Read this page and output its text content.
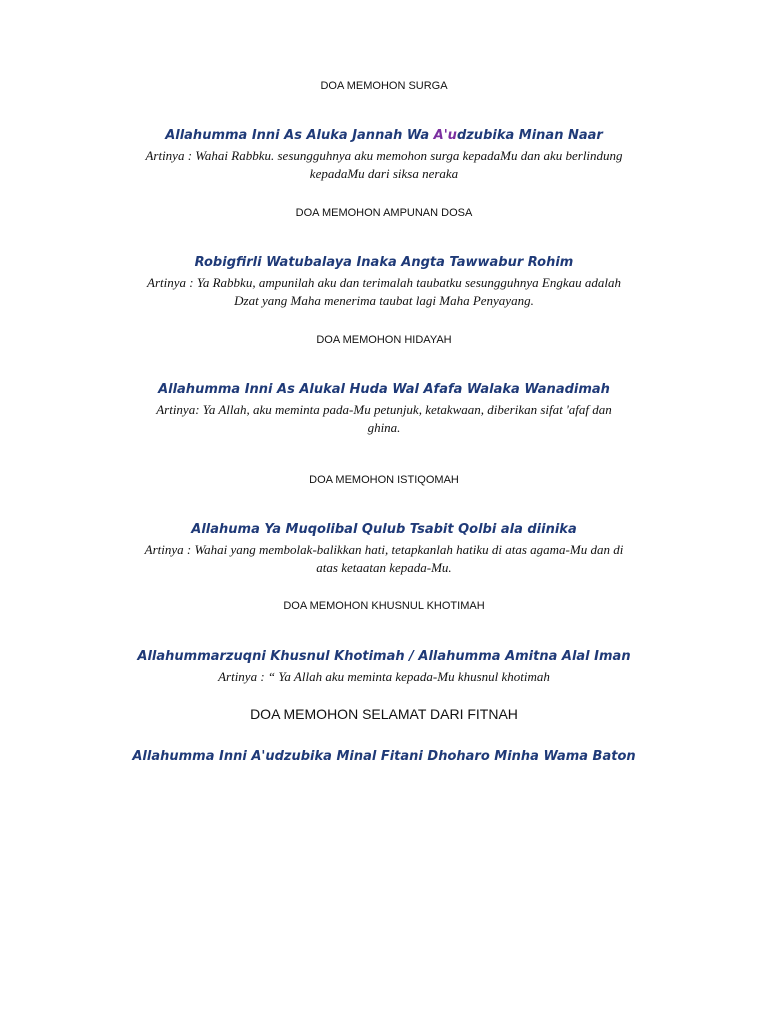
DOA MEMOHON SURGA
Allahumma Inni As Aluka Jannah Wa A'udzubika Minan Naar
Artinya : Wahai Rabbku. sesungguhnya aku memohon surga kepadaMu dan aku berlindung
kepadaMu dari siksa neraka
DOA MEMOHON AMPUNAN DOSA
Robigfirli Watubalaya Inaka Angta Tawwabur Rohim
Artinya : Ya Rabbku, ampunilah aku dan terimalah taubatku sesungguhnya Engkau adalah
Dzat yang Maha menerima taubat lagi Maha Penyayang.
DOA MEMOHON HIDAYAH
Allahumma Inni As Alukal Huda Wal Afafa Walaka Wanadimah
Artinya: Ya Allah, aku meminta pada-Mu petunjuk, ketakwaan, diberikan sifat 'afaf dan
ghina.
DOA MEMOHON ISTIQOMAH
Allahuma Ya Muqolibal Qulub Tsabit Qolbi ala diinika
Artinya : Wahai yang membolak-balikkan hati, tetapkanlah hatiku di atas agama-Mu dan di
atas ketaatan kepada-Mu.
DOA MEMOHON KHUSNUL KHOTIMAH
Allahummarzuqni Khusnul Khotimah / Allahumma Amitna Alal Iman
Artinya : “ Ya Allah aku meminta kepada-Mu khusnul khotimah
DOA MEMOHON SELAMAT DARI FITNAH
Allahumma Inni A'udzubika Minal Fitani Dhoharo Minha Wama Baton
